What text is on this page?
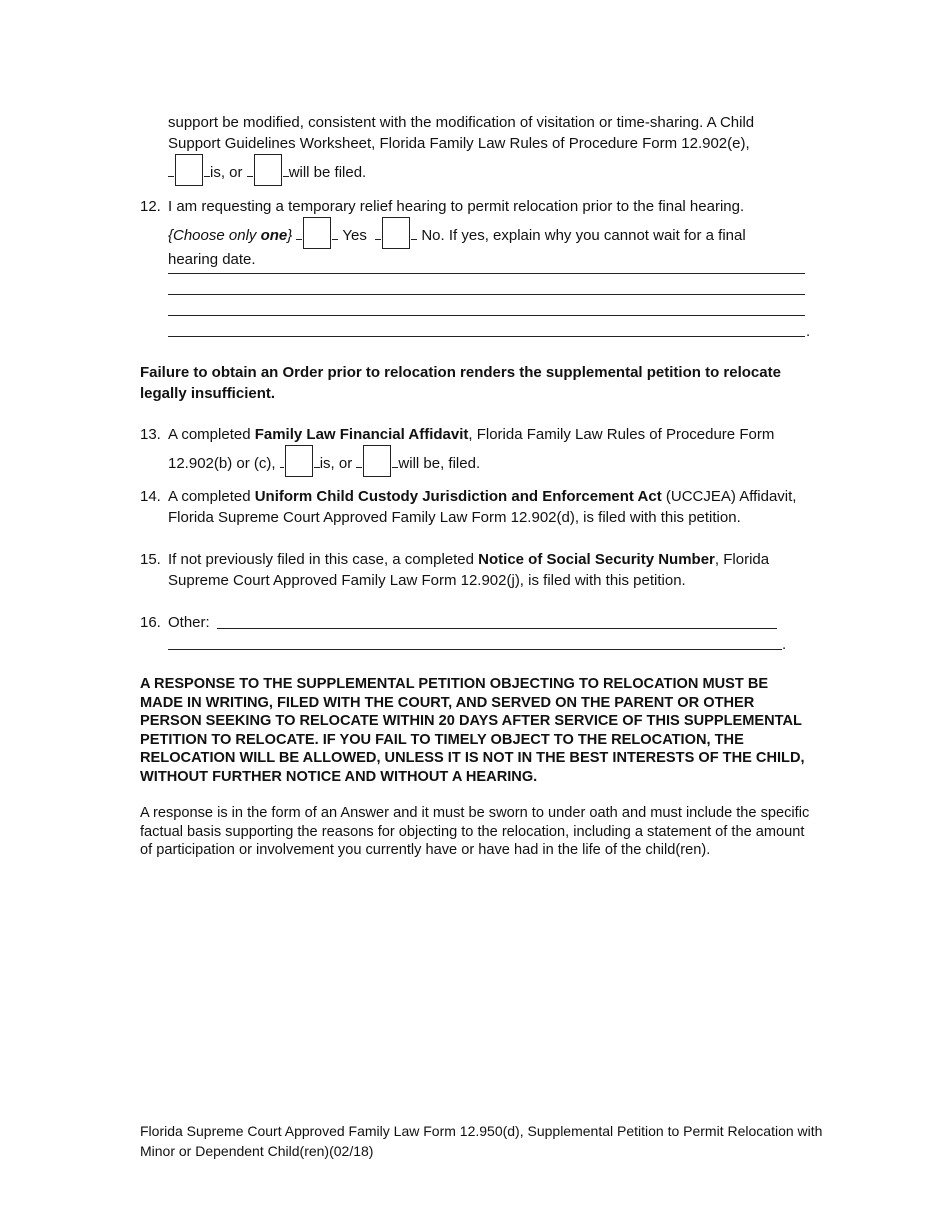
support be modified, consistent with the modification of visitation or time-sharing. A Child
Support Guidelines Worksheet, Florida Family Law Rules of Procedure Form 12.902(e),
is, or	will be filed.
12. I am requesting a temporary relief hearing to permit relocation prior to the final hearing.
{Choose only one}	Yes	No. If yes, explain why you cannot wait for a final
hearing date.
.
Failure to obtain an Order prior to relocation renders the supplemental petition to relocate legally insufficient.
13. A completed Family Law Financial Affidavit, Florida Family Law Rules of Procedure Form
12.902(b) or (c),	is, or	will be, filed.
14. A completed Uniform Child Custody Jurisdiction and Enforcement Act (UCCJEA) Affidavit,
Florida Supreme Court Approved Family Law Form 12.902(d), is filed with this petition.
15. If not previously filed in this case, a completed Notice of Social Security Number, Florida
Supreme Court Approved Family Law Form 12.902(j), is filed with this petition.
16. Other:
.
A RESPONSE TO THE SUPPLEMENTAL PETITION OBJECTING TO RELOCATION MUST BE MADE IN WRITING, FILED WITH THE COURT, AND SERVED ON THE PARENT OR OTHER PERSON SEEKING TO RELOCATE WITHIN 20 DAYS AFTER SERVICE OF THIS SUPPLEMENTAL PETITION TO RELOCATE. IF YOU FAIL TO TIMELY OBJECT TO THE RELOCATION, THE RELOCATION WILL BE ALLOWED, UNLESS IT IS NOT IN THE BEST INTERESTS OF THE CHILD, WITHOUT FURTHER NOTICE AND WITHOUT A HEARING.
A response is in the form of an Answer and it must be sworn to under oath and must include the specific factual basis supporting the reasons for objecting to the relocation, including a statement of the amount of participation or involvement you currently have or have had in the life of the child(ren).
Florida Supreme Court Approved Family Law Form 12.950(d), Supplemental Petition to Permit Relocation with Minor or Dependent Child(ren)(02/18)
